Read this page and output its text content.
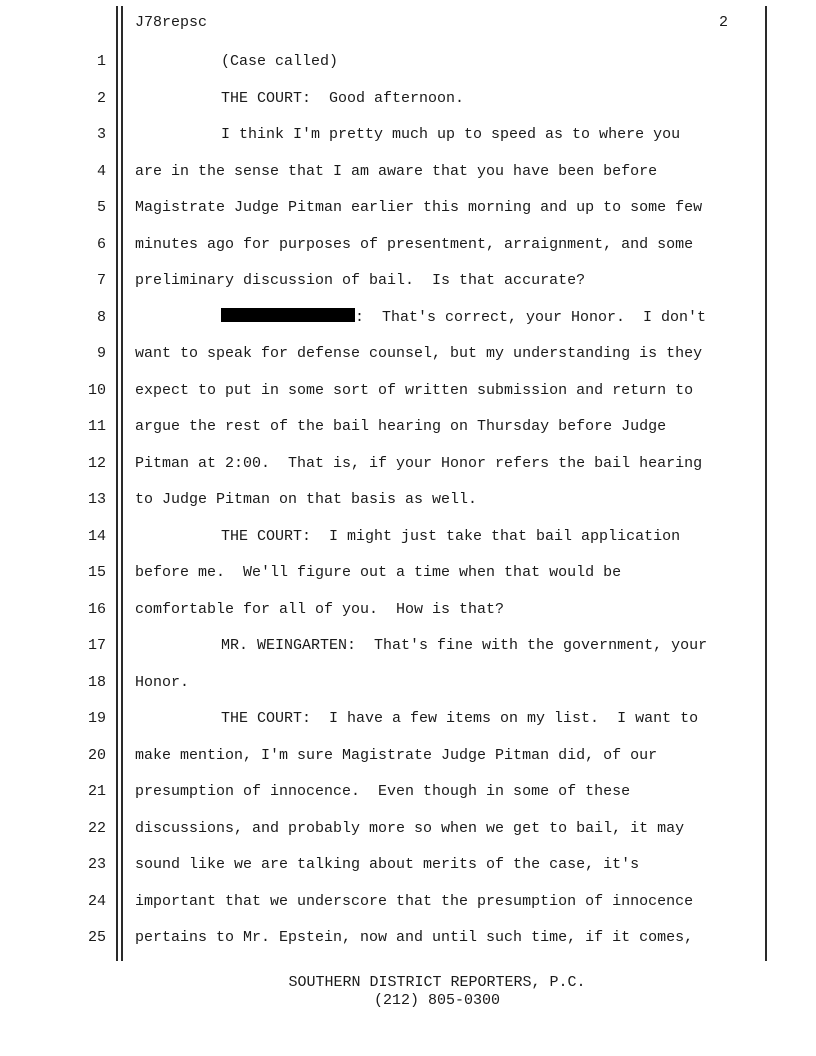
J78repsc	2
1	(Case called)
2	THE COURT:  Good afternoon.
3	I think I'm pretty much up to speed as to where you
4 are in the sense that I am aware that you have been before
5 Magistrate Judge Pitman earlier this morning and up to some few
6 minutes ago for purposes of presentment, arraignment, and some
7 preliminary discussion of bail.  Is that accurate?
8	:  That's correct, your Honor.  I don't
9 want to speak for defense counsel, but my understanding is they
10 expect to put in some sort of written submission and return to
11 argue the rest of the bail hearing on Thursday before Judge
12 Pitman at 2:00.  That is, if your Honor refers the bail hearing
13 to Judge Pitman on that basis as well.
14	THE COURT:  I might just take that bail application
15 before me.  We'll figure out a time when that would be
16 comfortable for all of you.  How is that?
17	MR. WEINGARTEN:  That's fine with the government, your
18 Honor.
19	THE COURT:  I have a few items on my list.  I want to
20 make mention, I'm sure Magistrate Judge Pitman did, of our
21 presumption of innocence.  Even though in some of these
22 discussions, and probably more so when we get to bail, it may
23 sound like we are talking about merits of the case, it's
24 important that we underscore that the presumption of innocence
25 pertains to Mr. Epstein, now and until such time, if it comes,
SOUTHERN DISTRICT REPORTERS, P.C.
(212) 805-0300
